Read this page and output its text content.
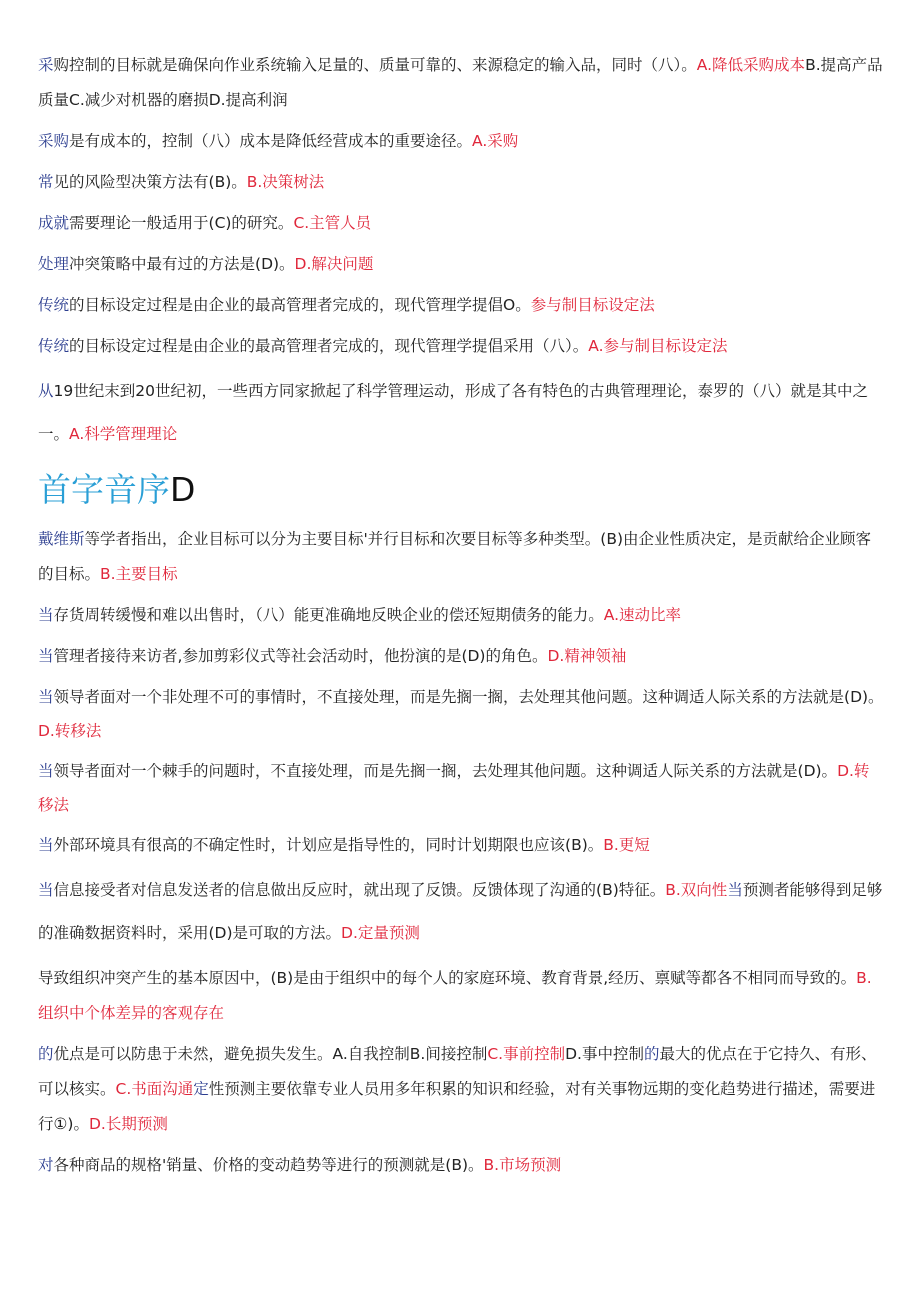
采购控制的目标就是确保向作业系统输入足量的、质量可靠的、来源稳定的输入品，同时（八）。A.降低采购成本B.提高产品质量C.减少对机器的磨损D.提高利润

采购是有成本的，控制（八）成本是降低经营成本的重要途径。A.采购

常见的风险型决策方法有(B)。B.决策树法

成就需要理论一般适用于(C)的研究。C.主管人员

处理冲突策略中最有过的方法是(D)。D.解决问题

传统的目标设定过程是由企业的最高管理者完成的，现代管理学提倡O。参与制目标设定法

传统的目标设定过程是由企业的最高管理者完成的，现代管理学提倡采用（八）。A.参与制目标设定法

从19世纪末到20世纪初，一些西方同家掀起了科学管理运动，形成了各有特色的古典管理理论，泰罗的（八）就是其中之一。A.科学管理理论

首字音序D

戴维斯等学者指出，企业目标可以分为主要目标'并行目标和次要目标等多种类型。(B)由企业性质决定，是贡献给企业顾客的目标。B.主要目标

当存货周转缓慢和难以出售时，（八）能更准确地反映企业的偿还短期债务的能力。A.速动比率

当管理者接待来访者,参加剪彩仪式等社会活动时，他扮演的是(D)的角色。D.精神领袖

当领导者面对一个非处理不可的事情时，不直接处理，而是先搁一搁，去处理其他问题。这种调适人际关系的方法就是(D)。D.转移法

当领导者面对一个棘手的问题时，不直接处理，而是先搁一搁，去处理其他问题。这种调适人际关系的方法就是(D)。D.转移法

当外部环境具有很高的不确定性时，计划应是指导性的，同时计划期限也应该(B)。B.更短

当信息接受者对信息发送者的信息做出反应时，就出现了反馈。反馈体现了沟通的(B)特征。B.双向性当预测者能够得到足够的准确数据资料时，采用(D)是可取的方法。D.定量预测

导致组织冲突产生的基本原因中，(B)是由于组织中的每个人的家庭环境、教育背景,经历、禀赋等都各不相同而导致的。B.组织中个体差异的客观存在

的优点是可以防患于未然，避免损失发生。A.自我控制B.间接控制C.事前控制D.事中控制的最大的优点在于它持久、有形、可以核实。C.书面沟通定性预测主要依靠专业人员用多年积累的知识和经验，对有关事物远期的变化趋势进行描述，需要进行①)。D.长期预测

对各种商品的规格'销量、价格的变动趋势等进行的预测就是(B)。B.市场预测
